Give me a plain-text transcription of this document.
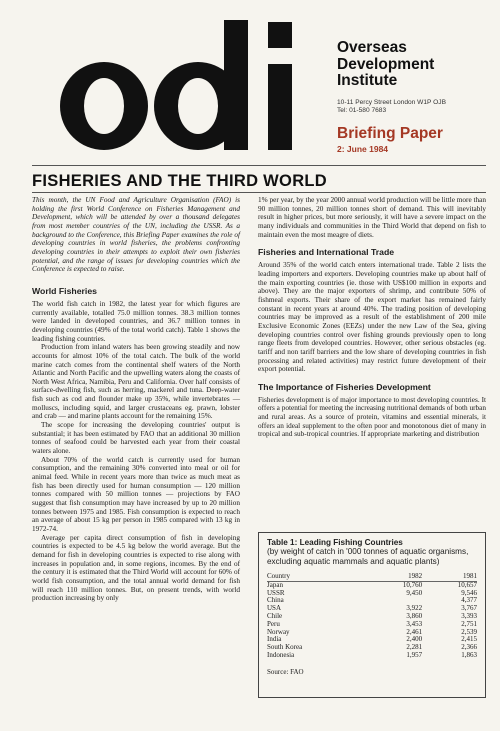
Overseas
Development
Institute
10-11 Percy Street London W1P OJB
Tel: 01-580 7683
Briefing Paper
2: June 1984
FISHERIES AND THE THIRD WORLD

This month, the UN Food and Agriculture Organisation (FAO) is holding the first World Conference on Fisheries Management and Development, which will be attended by over a thousand delegates from most member countries of the UN, including the USSR. As a background to the Conference, this Briefing Paper examines the role of developing countries in world fisheries, the problems confronting developing countries in their attempts to exploit their own fisheries potential, and the range of issues for developing countries which the Conference is expected to raise.

World Fisheries

The world fish catch in 1982, the latest year for which figures are currently available, totalled 75.0 million tonnes. 38.3 million tonnes were landed in developed countries, and 36.7 million tonnes in developing countries (49% of the total world catch). Table 1 shows the leading fishing countries.

Production from inland waters has been growing steadily and now accounts for almost 10% of the total catch. The bulk of the world marine catch comes from the continental shelf waters of the North Atlantic and North Pacific and the upwelling waters along the coasts of North West Africa, Namibia, Peru and California. Over half consists of surface-dwelling fish, such as herring, mackerel and tuna. Deep-water fish such as cod and flounder make up 35%, while invertebrates — molluscs, including squid, and larger crustaceans eg. prawn, lobster and crab — and marine plants account for the remaining 15%.

The scope for increasing the developing countries' output is substantial; it has been estimated by FAO that an additional 30 million tonnes of seafood could be harvested each year from their coastal waters alone.

About 70% of the world catch is currently used for human consumption, and the remaining 30% converted into meal or oil for animal feed. While in recent years more than twice as much meat as fish has been directly used for human consumption — 120 million tonnes compared with 50 million tonnes — projections by FAO suggest that fish consumption may have increased by up to 20 million tonnes between 1975 and 1985. Fish consumption is expected to reach an average of about 15 kg per person in 1985 compared with 13 kg in 1972-74.

Average per capita direct consumption of fish in developing countries is expected to be 4.5 kg below the world average. But the demand for fish in developing countries is expected to rise along with increases in population and, in some regions, incomes. By the end of the century it is estimated that the Third World will account for 60% of world fish consumption, and the total annual world demand for fish will reach 110 million tonnes. But, on present trends, with world production increasing by only

1% per year, by the year 2000 annual world production will be little more than 90 million tonnes, 20 million tonnes short of demand. This will inevitably result in higher prices, but more seriously, it will have a severe impact on the many individuals and communities in the Third World that depend on fish to maintain even the most meagre of diets.

Fisheries and International Trade

Around 35% of the world catch enters international trade. Table 2 lists the leading importers and exporters. Developing countries make up about half of the main exporting countries (ie. those with US$100 million in exports and above). They are the major exporters of shrimp, and contribute 50% of fishmeal exports. Their share of the export market has remained fairly constant in recent years at around 40%. The trading position of developing countries may be improved as a result of the establishment of 200 mile Exclusive Economic Zones (EEZs) under the new Law of the Sea, giving developing countries control over fishing grounds previously open to long range fleets from developed countries. However, other serious obstacles (eg. tariff and non tariff barriers and the low share of developing countries in fish processing and related activities) may restrict future development of their export potential.

The Importance of Fisheries Development

Fisheries development is of major importance to most developing countries. It offers a potential for meeting the increasing nutritional demands of both urban and rural areas. As a source of protein, vitamins and essential minerals, it offers an ideal supplement to the often poor and monotonous diet of many in tropical and sub-tropical countries. If appropriate marketing and distribution

Table 1: Leading Fishing Countries
(by weight of catch in '000 tonnes of aquatic organisms, excluding aquatic mammals and aquatic plants)
Country	1982	1981
Japan	10,760	10,657
USSR	9,450	9,546
China		4,377
USA	3,922	3,767
Chile	3,860	3,393
Peru	3,453	2,751
Norway	2,461	2,539
India	2,400	2,415
South Korea	2,281	2,366
Indonesia	1,957	1,863
Source: FAO
